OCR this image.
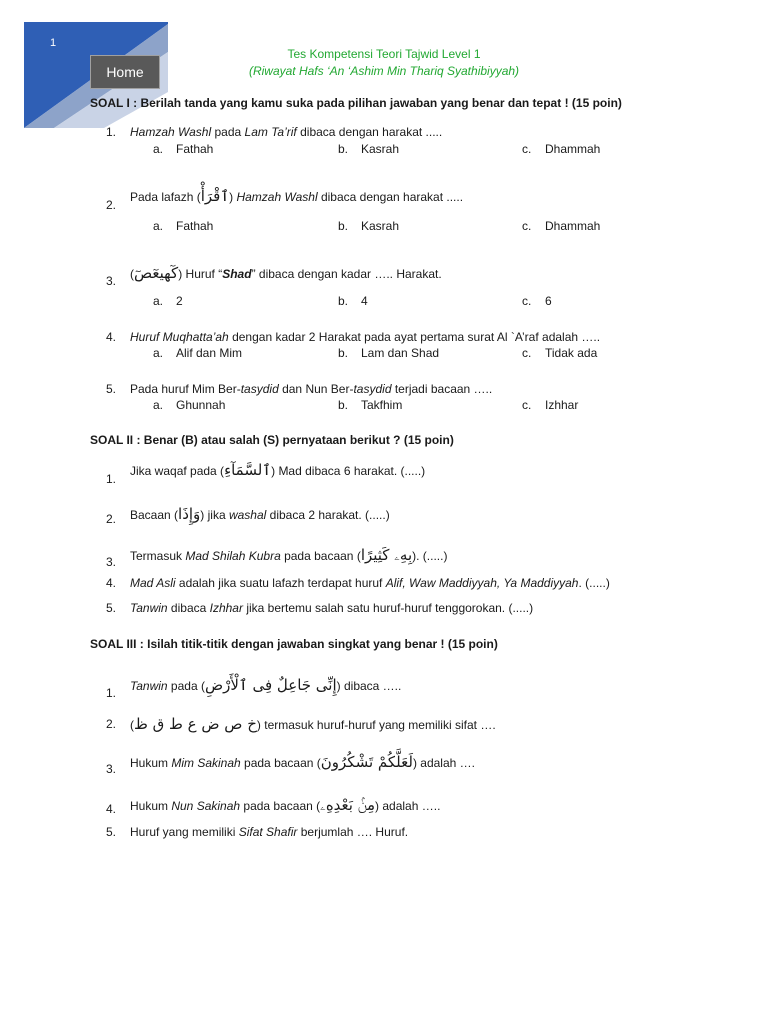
1
Home
Tes Kompetensi Teori Tajwid Level 1
(Riwayat Hafs ‘An ‘Ashim Min Thariq Syathibiyyah)
SOAL I : Berilah tanda yang kamu suka pada pilihan jawaban yang benar dan tepat ! (15 poin)
1. Hamzah Washl pada Lam Ta’rif dibaca dengan harakat .....
a. Fathah	b. Kasrah	c. Dhammah
2.
Pada lafazh (ٱقْرَأْ) Hamzah Washl dibaca dengan harakat .....
a. Fathah	b. Kasrah	c. Dhammah
3. (كٓهيعٓصٓ) Huruf “Shad” dibaca dengan kadar ….. Harakat.
a. 2	b. 4	c. 6
4. Huruf Muqhatta’ah dengan kadar 2 Harakat pada ayat pertama surat Al `A’raf adalah …..
a. Alif dan Mim	b. Lam dan Shad	c. Tidak ada
5. Pada huruf Mim Ber-tasydid dan Nun Ber-tasydid terjadi bacaan …..
a. Ghunnah	b. Takfhim	c. Izhhar
SOAL II : Benar (B) atau salah (S) pernyataan berikut ? (15 poin)
1.
Jika waqaf pada (ٱلسَّمَآءِ) Mad dibaca 6 harakat. (.....)
2. Bacaan (وَإِذَا) jika washal dibaca 2 harakat. (.....)
3. Termasuk Mad Shilah Kubra pada bacaan (بِهِۦ كَثِيرًا). (.....)
4. Mad Asli adalah jika suatu lafazh terdapat huruf Alif, Waw Maddiyyah, Ya Maddiyyah. (.....)
5. Tanwin dibaca Izhhar jika bertemu salah satu huruf-huruf tenggorokan. (.....)
SOAL III : Isilah titik-titik dengan jawaban singkat yang benar ! (15 poin)
1. Tanwin pada (إِنِّى جَاعِلٌ فِى ٱلْأَرْضِ) dibaca …..
2. (خ ص ض ع ط ق ظ) termasuk huruf-huruf yang memiliki sifat ….
3. Hukum Mim Sakinah pada bacaan (لَعَلَّكُمْ تَشْكُرُونَ) adalah ….
4. Hukum Nun Sakinah pada bacaan (مِنۢ بَعْدِهِۦ) adalah …..
5. Huruf yang memiliki Sifat Shafir berjumlah …. Huruf.
